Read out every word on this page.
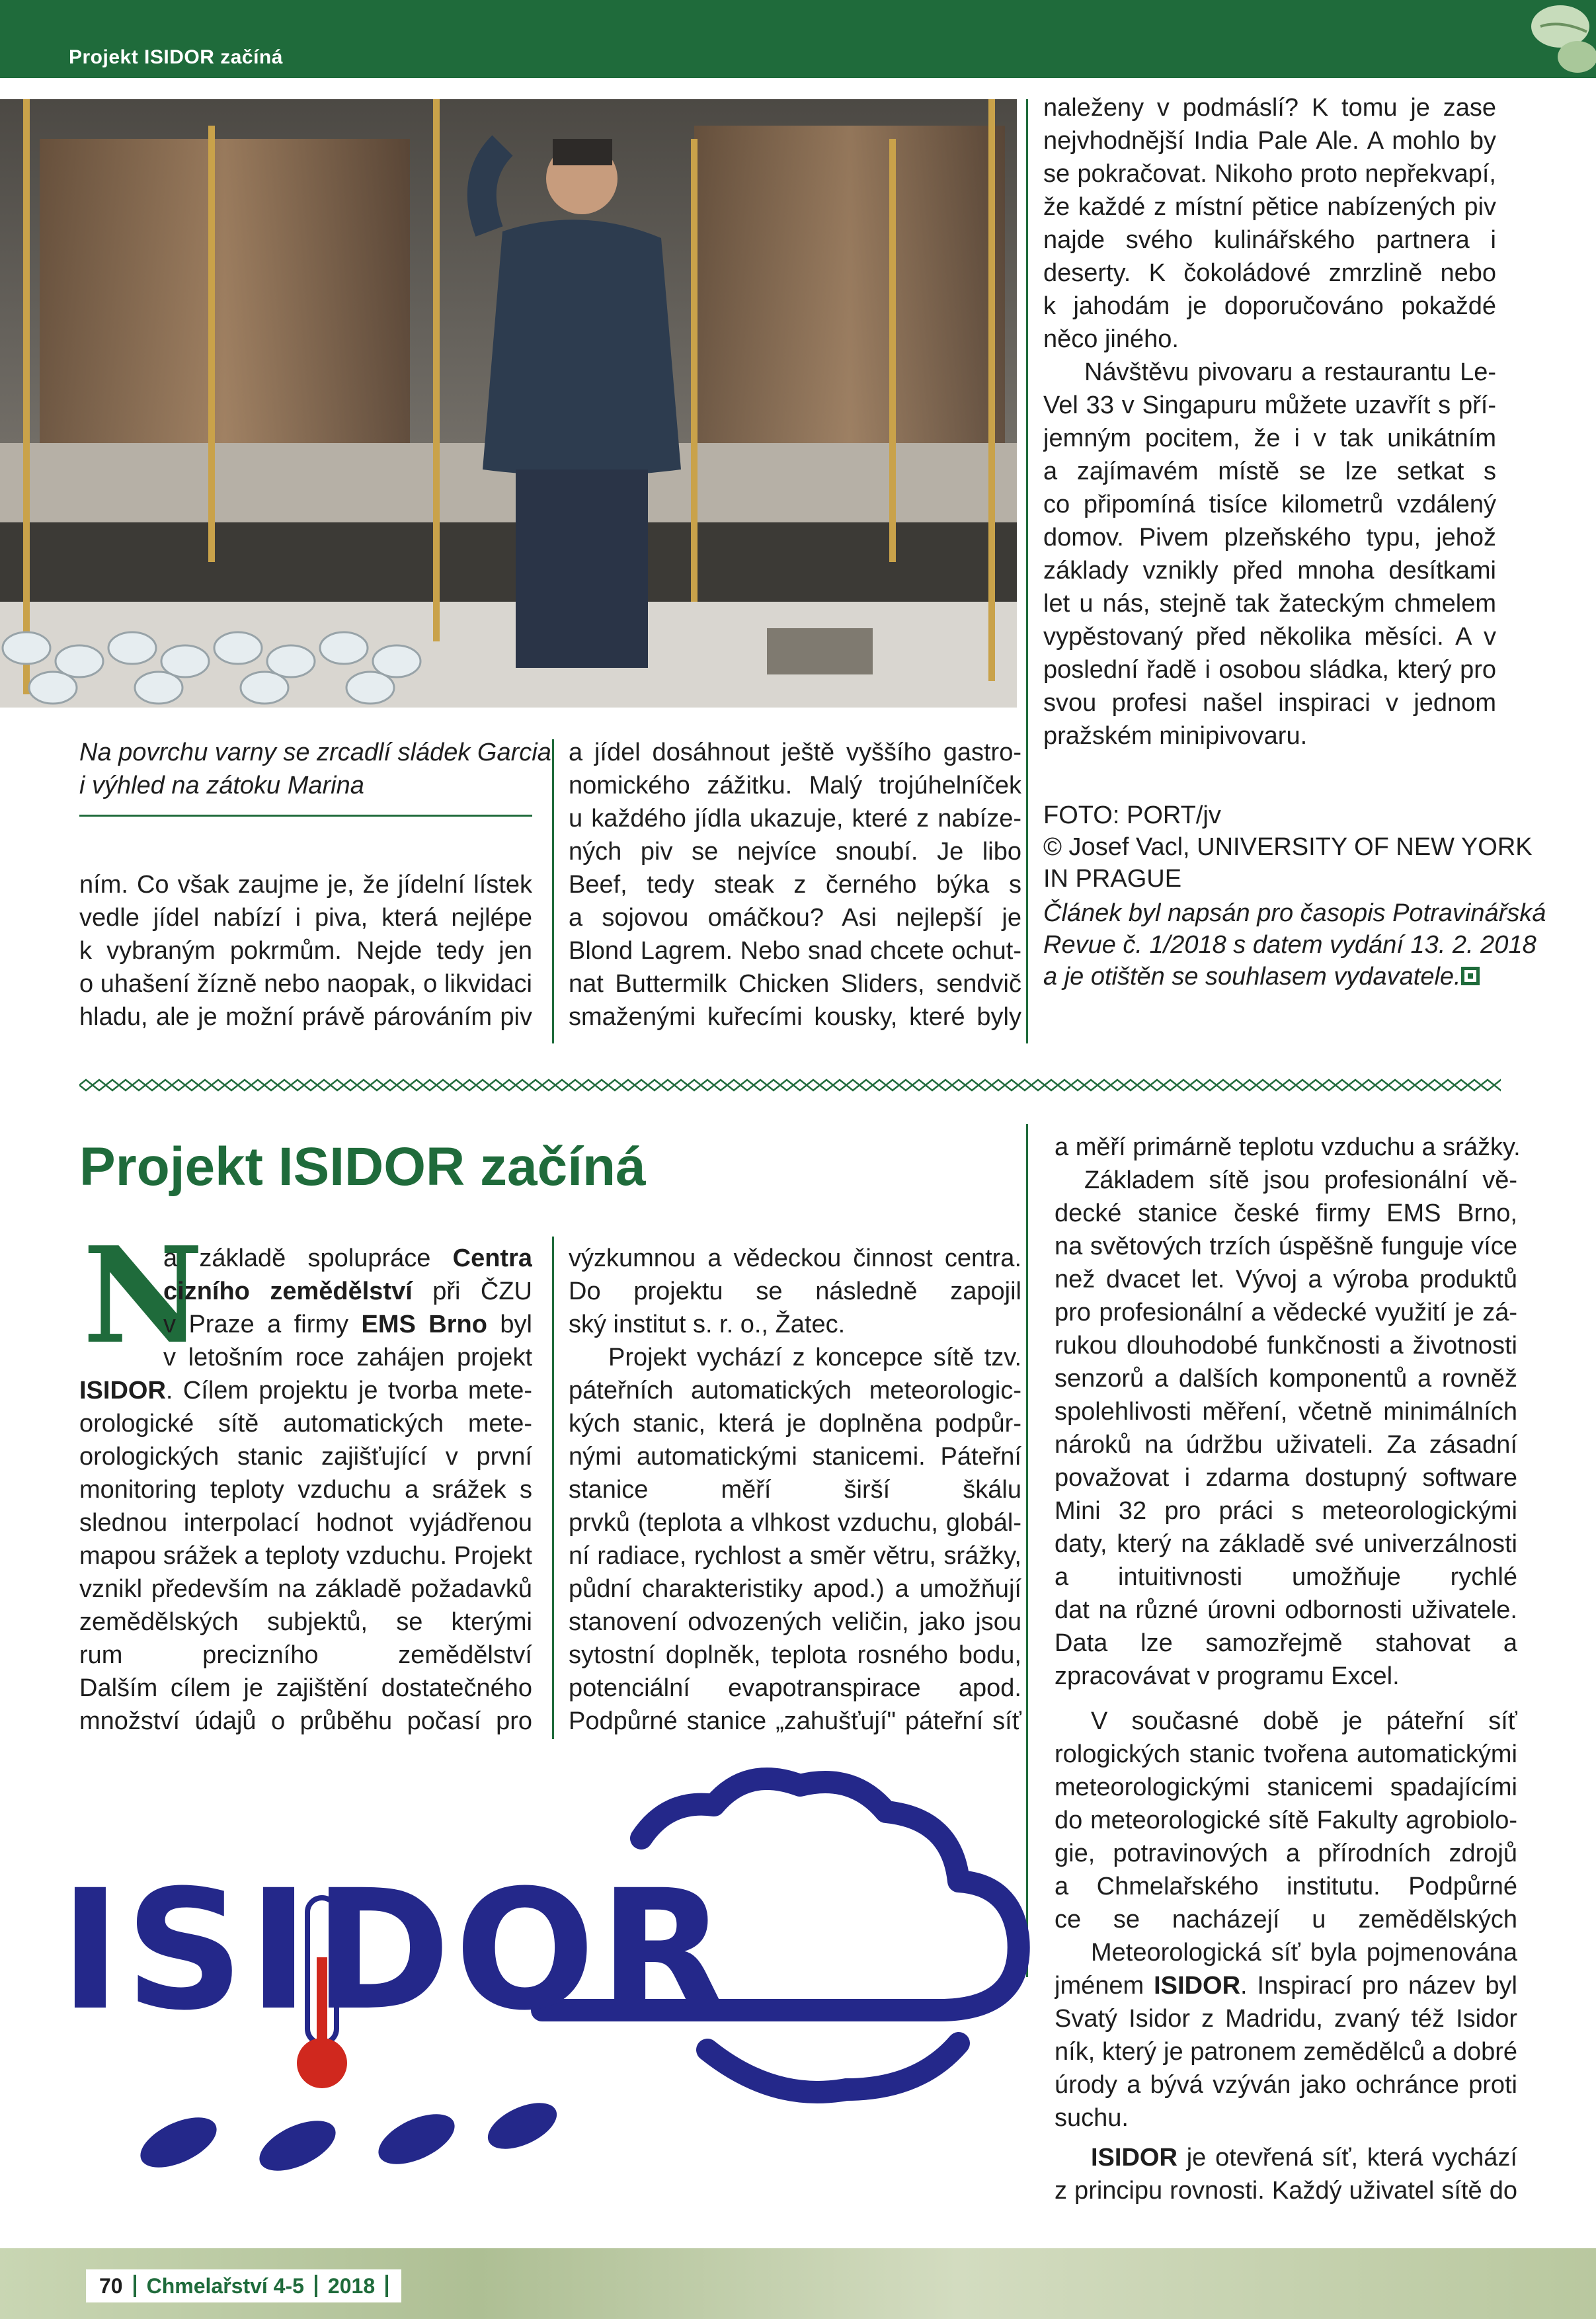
Projekt ISIDOR začíná
Na povrchu varny se zrcadlí sládek Garcia
i výhled na zátoku Marina
ním. Co však zaujme je, že jídelní lístek
vedle jídel nabízí i piva, která nejlépe
k vybraným pokrmům. Nejde tedy jen
o uhašení žízně nebo naopak, o likvidaci
hladu, ale je možní právě párováním piv
a jídel dosáhnout ještě vyššího gastro-
nomického zážitku. Malý trojúhelníček
u každého jídla ukazuje, které z nabíze-
ných piv se nejvíce snoubí. Je libo
Beef, tedy steak z černého býka s
a sojovou omáčkou? Asi nejlepší je
Blond Lagrem. Nebo snad chcete ochut-
nat Buttermilk Chicken Sliders, sendvič
smaženými kuřecími kousky, které byly
naleženy v podmáslí? K tomu je zase
nejvhodnější India Pale Ale. A mohlo by
se pokračovat. Nikoho proto nepřekvapí,
že každé z místní pětice nabízených piv
najde svého kulinářského partnera i
deserty. K čokoládové zmrzlině nebo
k jahodám je doporučováno pokaždé
něco jiného.
Návštěvu pivovaru a restaurantu Le-
Vel 33 v Singapuru můžete uzavřít s pří-
jemným pocitem, že i v tak unikátním
a zajímavém místě se lze setkat s
co připomíná tisíce kilometrů vzdálený
domov. Pivem plzeňského typu, jehož
základy vznikly před mnoha desítkami
let u nás, stejně tak žateckým chmelem
vypěstovaný před několika měsíci. A v
poslední řadě i osobou sládka, který pro
svou profesi našel inspiraci v jednom
pražském minipivovaru.
FOTO: PORT/jv
© Josef Vacl, UNIVERSITY OF NEW YORK
IN PRAGUE
Článek byl napsán pro časopis Potravinářská
Revue č. 1/2018 s datem vydání 13. 2. 2018
a je otištěn se souhlasem vydavatele.
Projekt ISIDOR začíná
N
a základě spolupráce Centra
cizního zemědělství při ČZU
v Praze a firmy EMS Brno byl
v letošním roce zahájen projekt
ISIDOR. Cílem projektu je tvorba mete-
orologické sítě automatických mete-
orologických stanic zajišťující v první
monitoring teploty vzduchu a srážek s
slednou interpolací hodnot vyjádřenou
mapou srážek a teploty vzduchu. Projekt
vznikl především na základě požadavků
zemědělských subjektů, se kterými
rum precizního zemědělství
Dalším cílem je zajištění dostatečného
množství údajů o průběhu počasí pro
výzkumnou a vědeckou činnost centra.
Do projektu se následně zapojil
ský institut s. r. o., Žatec.
Projekt vychází z koncepce sítě tzv.
páteřních automatických meteorologic-
kých stanic, která je doplněna podpůr-
nými automatickými stanicemi. Páteřní
stanice měří širší škálu
prvků (teplota a vlhkost vzduchu, globál-
ní radiace, rychlost a směr větru, srážky,
půdní charakteristiky apod.) a umožňují
stanovení odvozených veličin, jako jsou
sytostní doplněk, teplota rosného bodu,
potenciální evapotranspirace apod.
Podpůrné stanice „zahušťují" páteřní síť
a měří primárně teplotu vzduchu a srážky.
Základem sítě jsou profesionální vě-
decké stanice české firmy EMS Brno,
na světových trzích úspěšně funguje více
než dvacet let. Vývoj a výroba produktů
pro profesionální a vědecké využití je zá-
rukou dlouhodobé funkčnosti a životnosti
senzorů a dalších komponentů a rovněž
spolehlivosti měření, včetně minimálních
nároků na údržbu uživateli. Za zásadní
považovat i zdarma dostupný software
Mini 32 pro práci s meteorologickými
daty, který na základě své univerzálnosti
a intuitivnosti umožňuje rychlé
dat na různé úrovni odbornosti uživatele.
Data lze samozřejmě stahovat a
zpracovávat v programu Excel.
V současné době je páteřní síť
rologických stanic tvořena automatickými
meteorologickými stanicemi spadajícími
do meteorologické sítě Fakulty agrobiolo-
gie, potravinových a přírodních zdrojů
a Chmelařského institutu. Podpůrné
ce se nacházejí u zemědělských
Meteorologická síť byla pojmenována
jménem ISIDOR. Inspirací pro název byl
Svatý Isidor z Madridu, zvaný též Isidor
ník, který je patronem zemědělců a dobré
úrody a bývá vzýván jako ochránce proti
suchu.
ISIDOR je otevřená síť, která vychází
z principu rovnosti. Každý uživatel sítě do
ISIDOR
70 Chmelařství 4-5 2018
